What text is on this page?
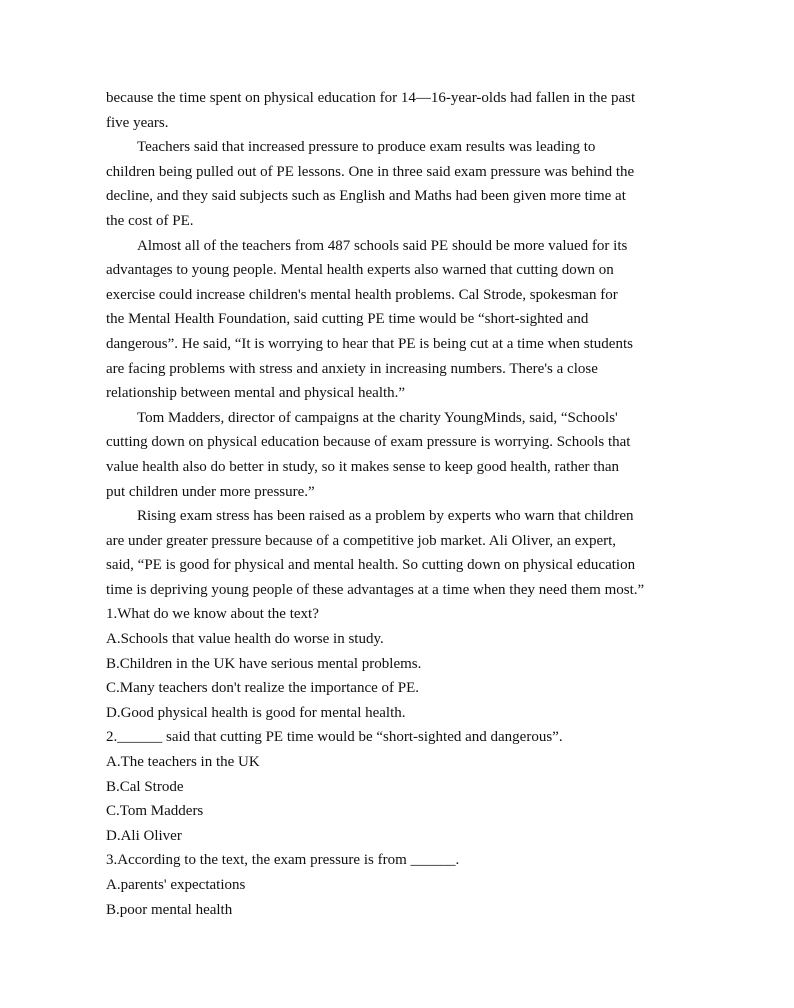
because the time spent on physical education for 14—16-year-olds had fallen in the past
five years.
Teachers said that increased pressure to produce exam results was leading to
children being pulled out of PE lessons. One in three said exam pressure was behind the
decline, and they said subjects such as English and Maths had been given more time at
the cost of PE.
Almost all of the teachers from 487 schools said PE should be more valued for its
advantages to young people. Mental health experts also warned that cutting down on
exercise could increase children's mental health problems. Cal Strode, spokesman for
the Mental Health Foundation, said cutting PE time would be “short-sighted and
dangerous”. He said, “It is worrying to hear that PE is being cut at a time when students
are facing problems with stress and anxiety in increasing numbers. There's a close
relationship between mental and physical health.”
Tom Madders, director of campaigns at the charity YoungMinds, said, “Schools'
cutting down on physical education because of exam pressure is worrying. Schools that
value health also do better in study, so it makes sense to keep good health, rather than
put children under more pressure.”
Rising exam stress has been raised as a problem by experts who warn that children
are under greater pressure because of a competitive job market. Ali Oliver, an expert,
said, “PE is good for physical and mental health. So cutting down on physical education
time is depriving young people of these advantages at a time when they need them most.”
1.What do we know about the text?
A.Schools that value health do worse in study.
B.Children in the UK have serious mental problems.
C.Many teachers don't realize the importance of PE.
D.Good physical health is good for mental health.
2.______ said that cutting PE time would be “short-sighted and dangerous”.
A.The teachers in the UK
B.Cal Strode
C.Tom Madders
D.Ali Oliver
3.According to the text, the exam pressure is from ______.
A.parents' expectations
B.poor mental health
